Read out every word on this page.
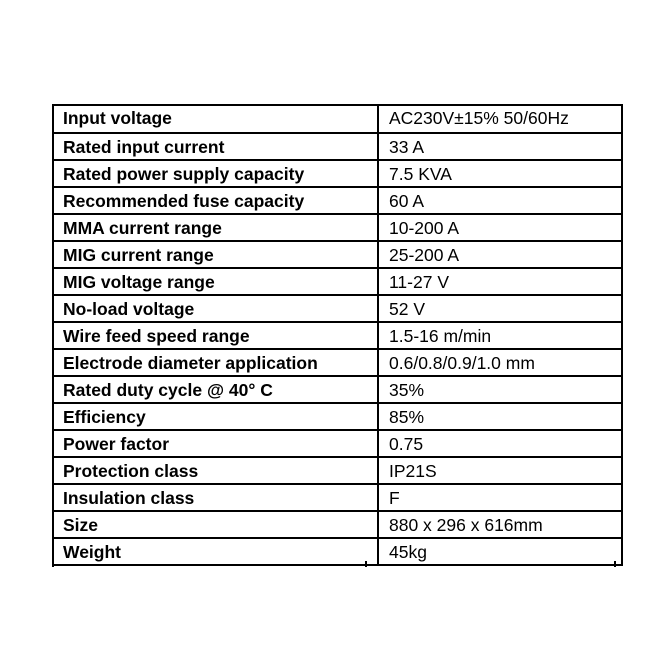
Input voltage	AC230V±15% 50/60Hz
Rated input current	33 A
Rated power supply capacity	7.5 KVA
Recommended fuse capacity	60 A
MMA current range	10-200 A
MIG current range	25-200 A
MIG voltage range	11-27 V
No-load voltage	52 V
Wire feed speed range	1.5-16 m/min
Electrode diameter application	0.6/0.8/0.9/1.0 mm
Rated duty cycle @ 40° C	35%
Efficiency	85%
Power factor	0.75
Protection class	IP21S
Insulation class	F
Size	880 x 296 x 616mm
Weight	45kg
